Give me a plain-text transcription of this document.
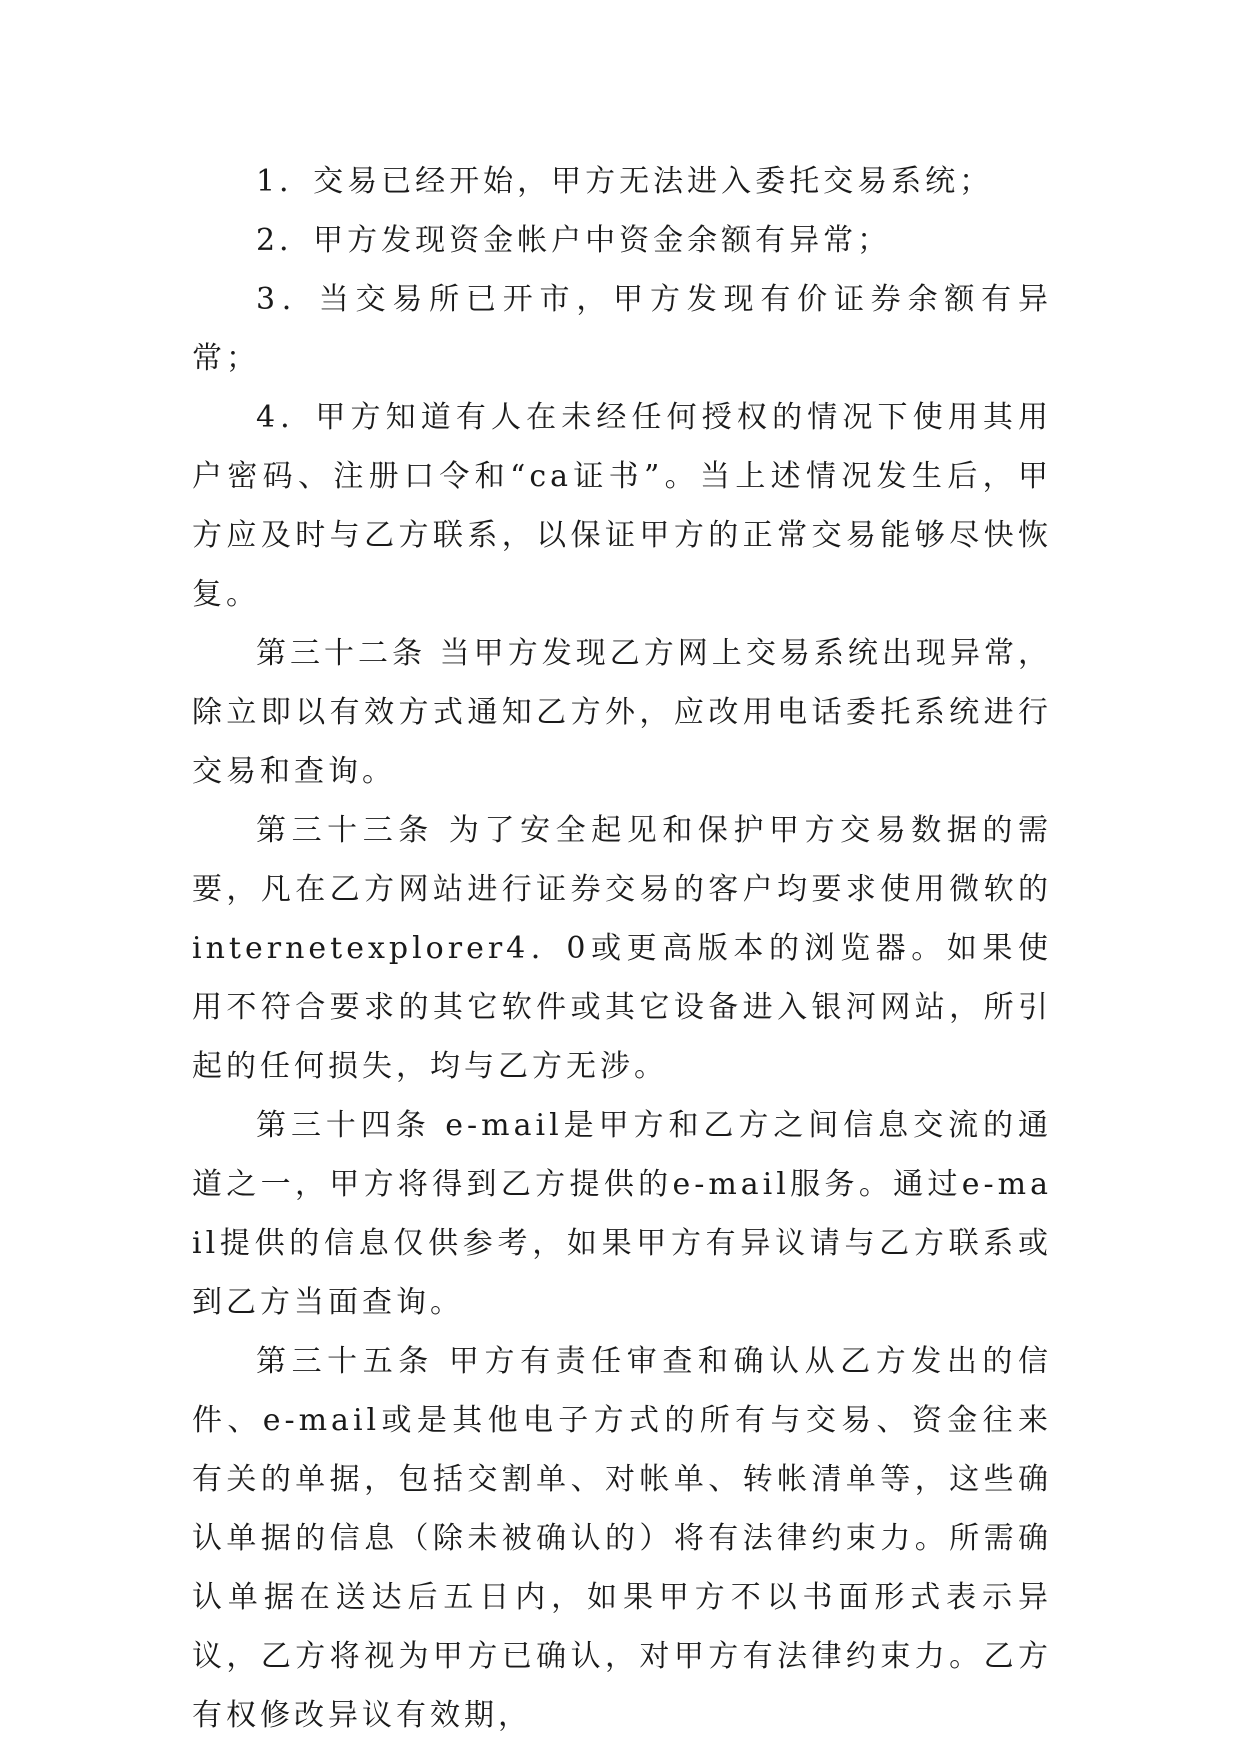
1．交易已经开始，甲方无法进入委托交易系统；

2．甲方发现资金帐户中资金余额有异常；

3．当交易所已开市，甲方发现有价证券余额有异常；

4．甲方知道有人在未经任何授权的情况下使用其用户密码、注册口令和“ca证书”。当上述情况发生后，甲方应及时与乙方联系，以保证甲方的正常交易能够尽快恢复。

第三十二条 当甲方发现乙方网上交易系统出现异常，除立即以有效方式通知乙方外，应改用电话委托系统进行交易和查询。

第三十三条 为了安全起见和保护甲方交易数据的需要，凡在乙方网站进行证券交易的客户均要求使用微软的internetexplorer4．0或更高版本的浏览器。如果使用不符合要求的其它软件或其它设备进入银河网站，所引起的任何损失，均与乙方无涉。

第三十四条 e-mail是甲方和乙方之间信息交流的通道之一，甲方将得到乙方提供的e-mail服务。通过e-mail提供的信息仅供参考，如果甲方有异议请与乙方联系或到乙方当面查询。

第三十五条 甲方有责任审查和确认从乙方发出的信件、e-mail或是其他电子方式的所有与交易、资金往来有关的单据，包括交割单、对帐单、转帐清单等，这些确认单据的信息（除未被确认的）将有法律约束力。所需确认单据在送达后五日内，如果甲方不以书面形式表示异议，乙方将视为甲方已确认，对甲方有法律约束力。乙方有权修改异议有效期，
